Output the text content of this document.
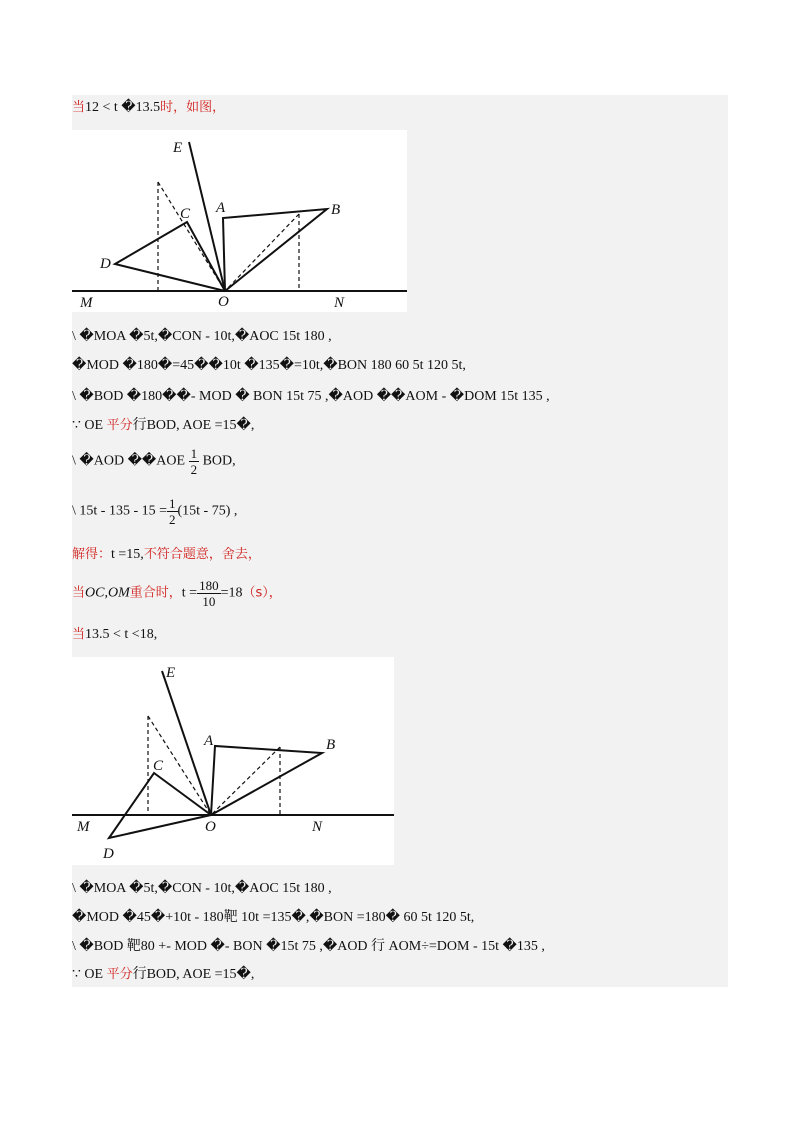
当12 < t �13.5时，如图，
E
C A	B
D
M	O	N
\ �MOA �5t,�CON - 10t,�AOC 15t 180 ,
�MOD �180�=45��10t �135�=10t,�BON 180 60 5t 120 5t,
\ �BOD �180��- MOD � BON 15t 75 ,�AOD ��AOM - �DOM 15t 135 ,
∵ OE 平分行BOD, AOE =15�,
\ �AOD ��AOE $\frac{1}{2}$ BOD,
\ $15t - 135 - 15 = \frac{1}{2} (15t - 75)$ ,
解得：t =15,不符合题意，舍去，
当OC,OM重合时，$t = \frac{180}{10} =18(s)$，
当13.5 < t <18,
E
A	B
C
M	O	N
D
\ �MOA �5t,�CON - 10t,�AOC 15t 180 ,
�MOD �45�+10t - 180靶 10t =135�,�BON =180� 60 5t 120 5t,
\ �BOD 靶80 +- MOD �- BON �15t 75 ,�AOD 行 AOM÷=DOM - 15t �135 ,
∵ OE 平分行BOD, AOE =15�,
